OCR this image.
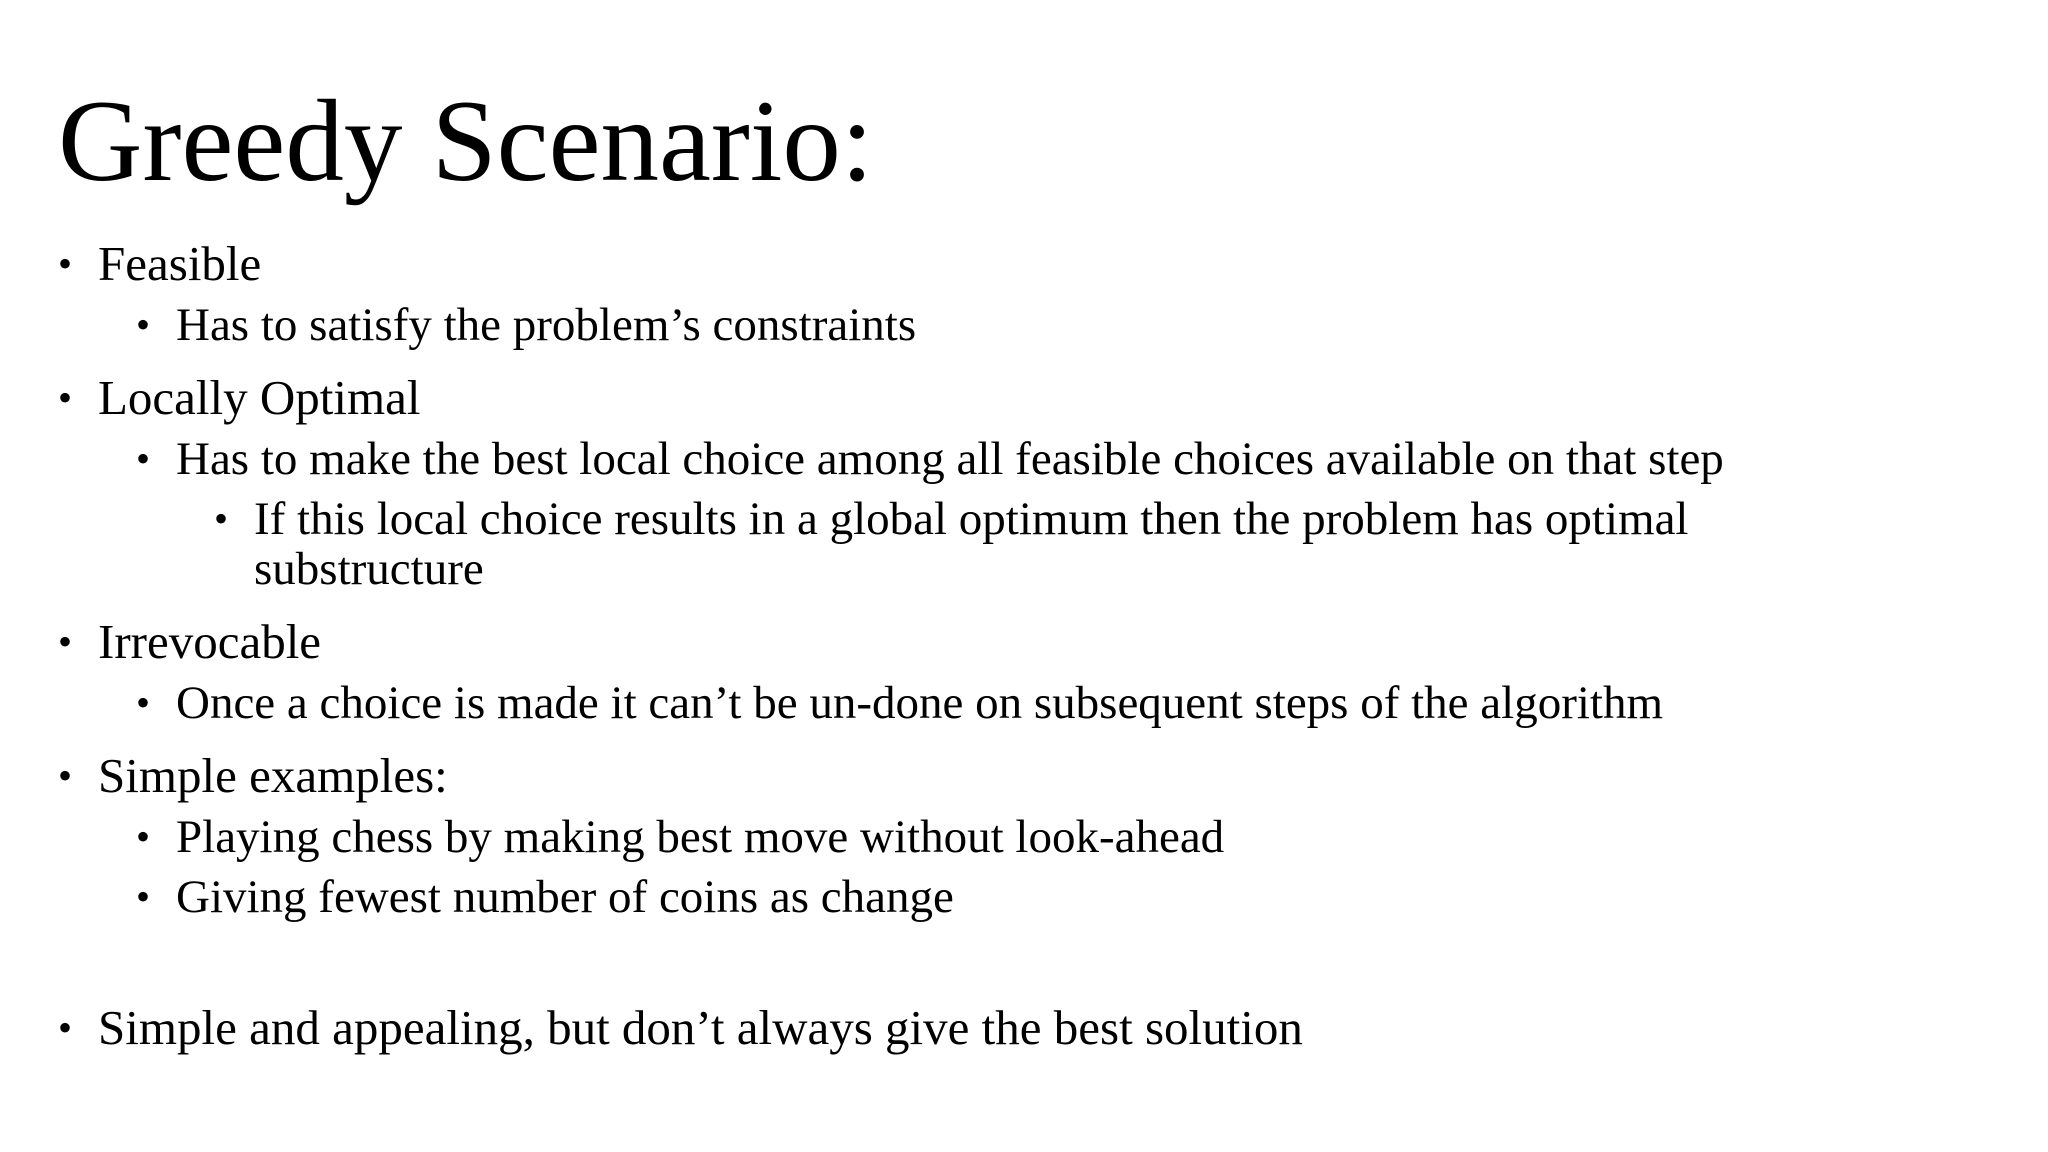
Greedy Scenario:
• Feasible
• Has to satisfy the problem’s constraints
• Locally Optimal
• Has to make the best local choice among all feasible choices available on that step
• If this local choice results in a global optimum then the problem has optimal substructure
• Irrevocable
• Once a choice is made it can’t be un-done on subsequent steps of the algorithm
• Simple examples:
• Playing chess by making best move without look-ahead
• Giving fewest number of coins as change
• Simple and appealing, but don’t always give the best solution
